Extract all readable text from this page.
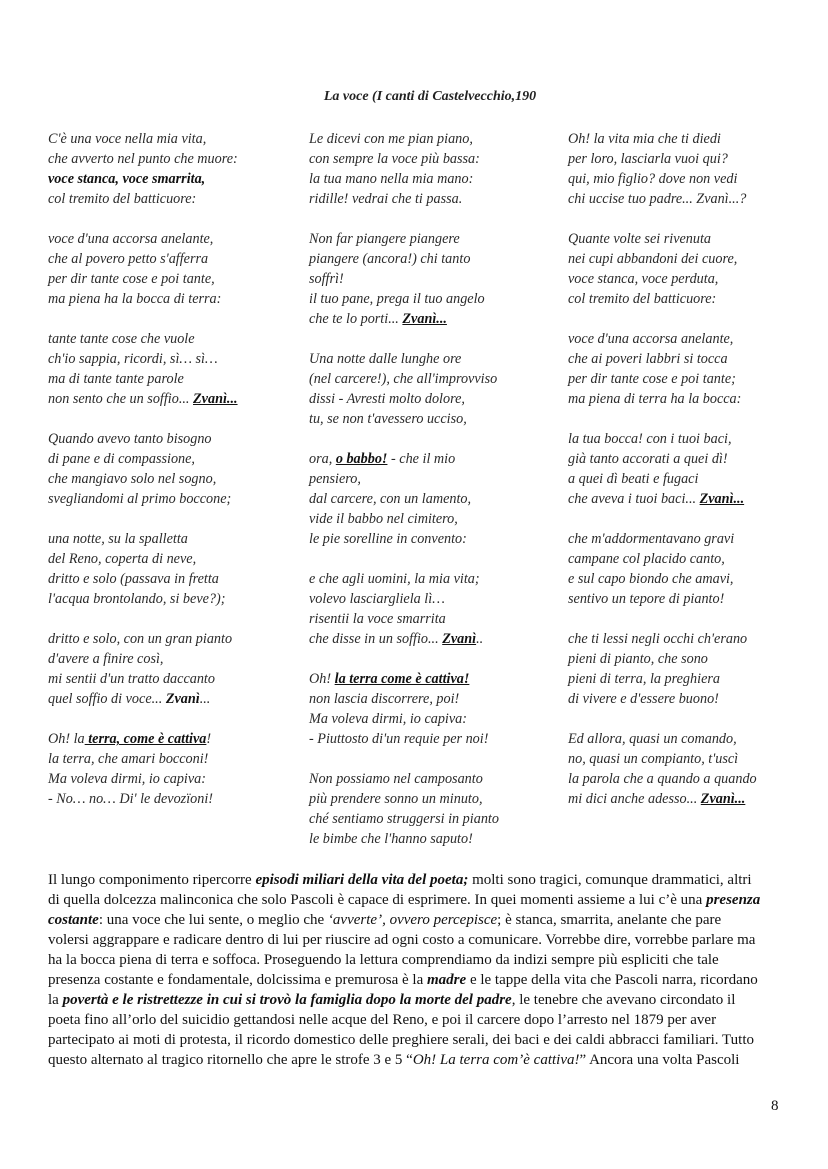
La voce (I canti di Castelvecchio,190
C'è una voce nella mia vita,
che avverto nel punto che muore:
voce stanca, voce smarrita,
col tremito del batticuore:
voce d'una accorsa anelante,
che al povero petto s'afferra
per dir tante cose e poi tante,
ma piena ha la bocca di terra:
tante tante cose che vuole
ch'io sappia, ricordi, sì… sì…
ma di tante tante parole
non sento che un soffio... Zvanì...
Quando avevo tanto bisogno
di pane e di compassione,
che mangiavo solo nel sogno,
svegliandomi al primo boccone;
una notte, su la spalletta
del Reno, coperta di neve,
dritto e solo (passava in fretta
l'acqua brontolando, si beve?);
dritto e solo, con un gran pianto
d'avere a finire così,
mi sentii d'un tratto daccanto
quel soffio di voce... Zvanì...
Oh! la terra, come è cattiva!
la terra, che amari bocconi!
Ma voleva dirmi, io capiva:
- No… no… Di' le devozïoni!
Le dicevi con me pian piano,
con sempre la voce più bassa:
la tua mano nella mia mano:
ridille! vedrai che ti passa.
Non far piangere piangere
piangere (ancora!) chi tanto
soffrì!
il tuo pane, prega il tuo angelo
che te lo porti... Zvanì...
Una notte dalle lunghe ore
(nel carcere!), che all'improvviso
dissi - Avresti molto dolore,
tu, se non t'avessero ucciso,
ora, o babbo! - che il mio
pensiero,
dal carcere, con un lamento,
vide il babbo nel cimitero,
le pie sorelline in convento:
e che agli uomini, la mia vita;
volevo lasciargliela lì…
risentii la voce smarrita
che disse in un soffio... Zvanì..
Oh! la terra come è cattiva!
non lascia discorrere, poi!
Ma voleva dirmi, io capiva:
- Piuttosto di'un requie per noi!
Non possiamo nel camposanto
più prendere sonno un minuto,
ché sentiamo struggersi in pianto
le bimbe che l'hanno saputo!
Oh! la vita mia che ti diedi
per loro, lasciarla vuoi qui?
qui, mio figlio? dove non vedi
chi uccise tuo padre... Zvanì...?
Quante volte sei rivenuta
nei cupi abbandoni dei cuore,
voce stanca, voce perduta,
col tremito del batticuore:
voce d'una accorsa anelante,
che ai poveri labbri si tocca
per dir tante cose e poi tante;
ma piena di terra ha la bocca:
la tua bocca! con i tuoi baci,
già tanto accorati a quei dì!
a quei dì beati e fugaci
che aveva i tuoi baci... Zvanì...
che m'addormentavano gravi
campane col placido canto,
e sul capo biondo che amavi,
sentivo un tepore di pianto!
che ti lessi negli occhi ch'erano
pieni di pianto, che sono
pieni di terra, la preghiera
di vivere e d'essere buono!
Ed allora, quasi un comando,
no, quasi un compianto, t'uscì
la parola che a quando a quando
mi dici anche adesso... Zvanì...
Il lungo componimento ripercorre episodi miliari della vita del poeta; molti sono tragici, comunque drammatici, altri
di quella dolcezza malinconica che solo Pascoli è capace di esprimere. In quei momenti assieme a lui c’è una presenza
costante: una voce che lui sente, o meglio che ‘avverte’, ovvero percepisce; è stanca, smarrita, anelante che pare
volersi aggrappare e radicare dentro di lui per riuscire ad ogni costo a comunicare. Vorrebbe dire, vorrebbe parlare ma
ha la bocca piena di terra e soffoca. Proseguendo la lettura comprendiamo da indizi sempre più espliciti che tale
presenza costante e fondamentale, dolcissima e premurosa è la madre e le tappe della vita che Pascoli narra, ricordano
la povertà e le ristrettezze in cui si trovò la famiglia dopo la morte del padre, le tenebre che avevano circondato il
poeta fino all’orlo del suicidio gettandosi nelle acque del Reno, e poi il carcere dopo l’arresto nel 1879 per aver
partecipato ai moti di protesta, il ricordo domestico delle preghiere serali, dei baci e dei caldi abbracci familiari. Tutto
questo alternato al tragico ritornello che apre le strofe 3 e 5 “Oh! La terra com’è cattiva!” Ancora una volta Pascoli
8
